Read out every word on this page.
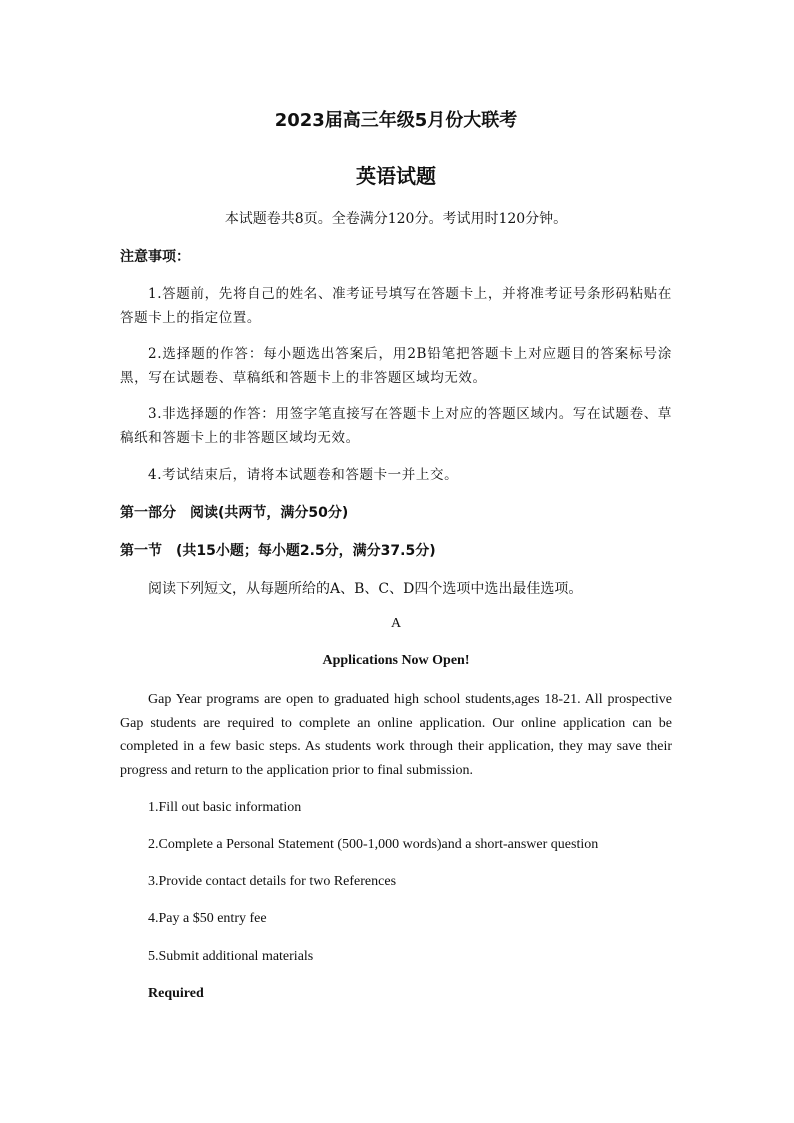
2023届高三年级5月份大联考
英语试题
本试题卷共8页。全卷满分120分。考试用时120分钟。
注意事项：
1.答题前，先将自己的姓名、准考证号填写在答题卡上，并将准考证号条形码粘贴在答题卡上的指定位置。
2.选择题的作答：每小题选出答案后，用2B铅笔把答题卡上对应题目的答案标号涂黑，写在试题卷、草稿纸和答题卡上的非答题区域均无效。
3.非选择题的作答：用签字笔直接写在答题卡上对应的答题区域内。写在试题卷、草稿纸和答题卡上的非答题区域均无效。
4.考试结束后，请将本试题卷和答题卡一并上交。
第一部分　阅读(共两节，满分50分)
第一节　(共15小题；每小题2.5分，满分37.5分)
阅读下列短文，从每题所给的A、B、C、D四个选项中选出最佳选项。
A
Applications Now Open!
Gap Year programs are open to graduated high school students,ages 18-21. All prospective Gap students are required to complete an online application. Our online application can be completed in a few basic steps. As students work through their application, they may save their progress and return to the application prior to final submission.
1.Fill out basic information
2.Complete a Personal Statement (500-1,000 words)and a short-answer question
3.Provide contact details for two References
4.Pay a $50 entry fee
5.Submit additional materials
Required
